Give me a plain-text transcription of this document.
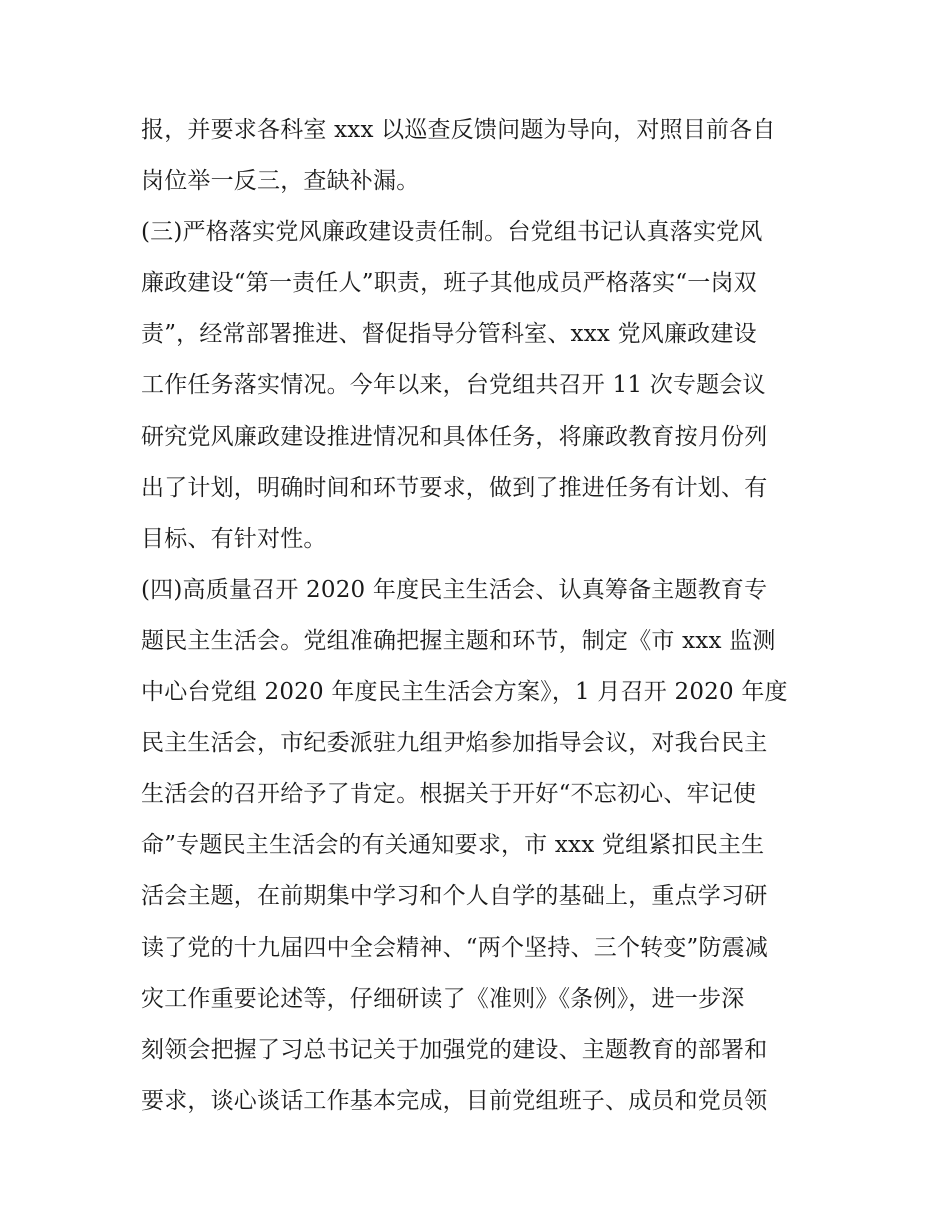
报，并要求各科室 xxx 以巡查反馈问题为导向，对照目前各自
岗位举一反三，查缺补漏。
(三)严格落实党风廉政建设责任制。台党组书记认真落实党风
廉政建设“第一责任人”职责，班子其他成员严格落实“一岗双
责”，经常部署推进、督促指导分管科室、xxx 党风廉政建设
工作任务落实情况。今年以来，台党组共召开 11 次专题会议
研究党风廉政建设推进情况和具体任务，将廉政教育按月份列
出了计划，明确时间和环节要求，做到了推进任务有计划、有
目标、有针对性。
(四)高质量召开 2020 年度民主生活会、认真筹备主题教育专
题民主生活会。党组准确把握主题和环节，制定《市 xxx 监测
中心台党组 2020 年度民主生活会方案》，1 月召开 2020 年度
民主生活会，市纪委派驻九组尹焰参加指导会议，对我台民主
生活会的召开给予了肯定。根据关于开好“不忘初心、牢记使
命”专题民主生活会的有关通知要求，市 xxx 党组紧扣民主生
活会主题，在前期集中学习和个人自学的基础上，重点学习研
读了党的十九届四中全会精神、“两个坚持、三个转变”防震减
灾工作重要论述等，仔细研读了《准则》《条例》，进一步深
刻领会把握了习总书记关于加强党的建设、主题教育的部署和
要求，谈心谈话工作基本完成，目前党组班子、成员和党员领
